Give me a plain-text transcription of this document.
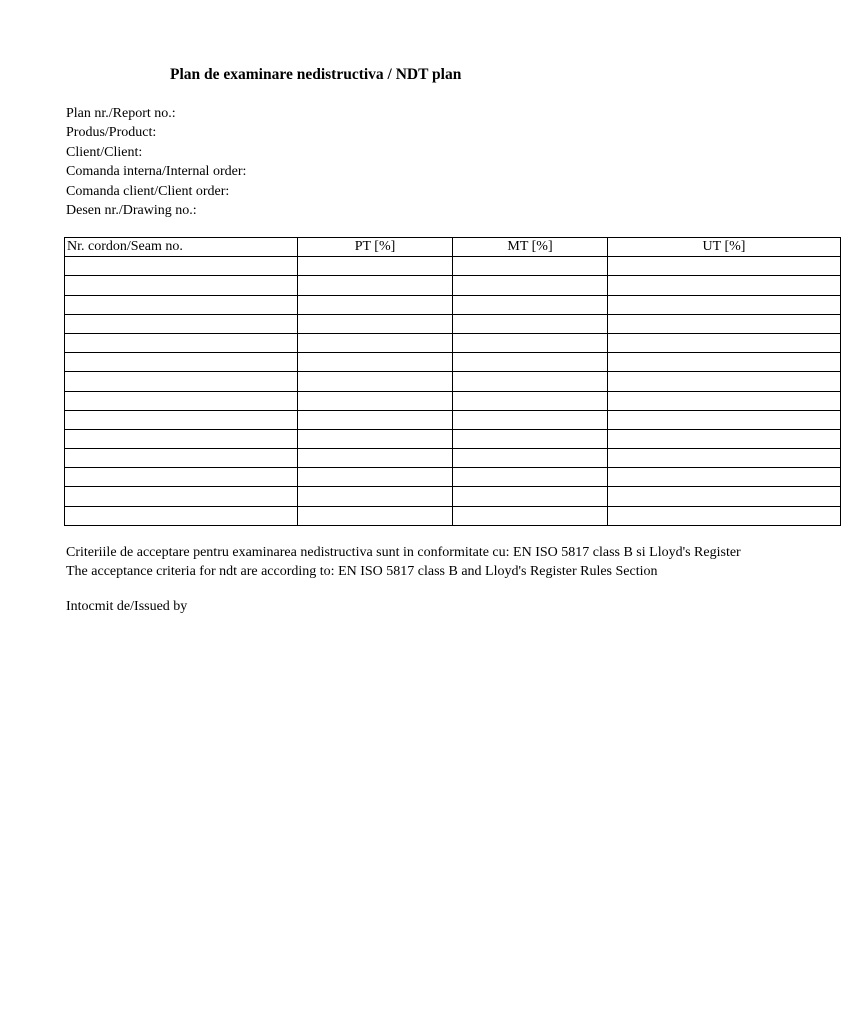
Plan de examinare nedistructiva / NDT plan
Plan nr./Report no.:
Produs/Product:
Client/Client:
Comanda interna/Internal order:
Comanda client/Client order:
Desen nr./Drawing no.:
Nr. cordon/Seam no.	PT [%]	MT [%]	UT [%]

Criteriile de acceptare pentru examinarea nedistructiva sunt in conformitate cu: EN ISO 5817 class B si Lloyd's Register
The acceptance criteria for ndt are according to: EN ISO 5817 class B and Lloyd's Register Rules Section
Intocmit de/Issued by
